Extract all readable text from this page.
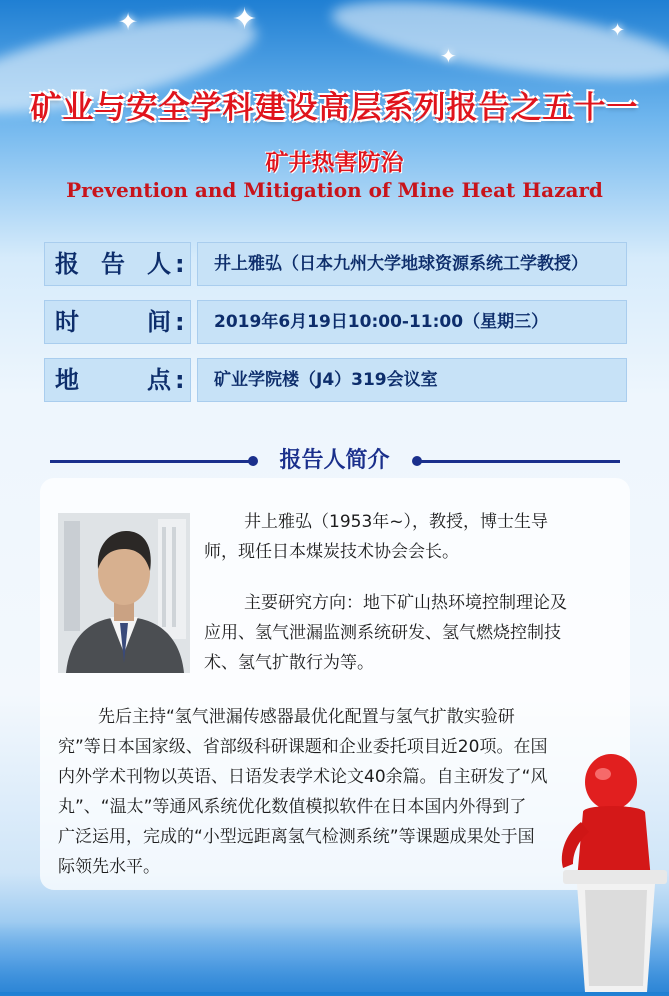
✦	✦
✦
✦
矿业与安全学科建设高层系列报告之五十一
矿井热害防治
Prevention and Mitigation of Mine Heat Hazard
报 告 人 :	井上雅弘（日本九州大学地球资源系统工学教授）
时	间 :	2019年6月19日10:00-11:00（星期三）
地	点 :	矿业学院楼（J4）319会议室
报告人简介
井上雅弘（1953年~），教授，博士生导
师，现任日本煤炭技术协会会长。
主要研究方向：地下矿山热环境控制理论及
应用、氢气泄漏监测系统研发、氢气燃烧控制技
术、氢气扩散行为等。
先后主持“氢气泄漏传感器最优化配置与氢气扩散实验研
究”等日本国家级、省部级科研课题和企业委托项目近20项。在国
内外学术刊物以英语、日语发表学术论文40余篇。自主研发了“风
丸”、“温太”等通风系统优化数值模拟软件在日本国内外得到了
广泛运用，完成的“小型远距离氢气检测系统”等课题成果处于国
际领先水平。
